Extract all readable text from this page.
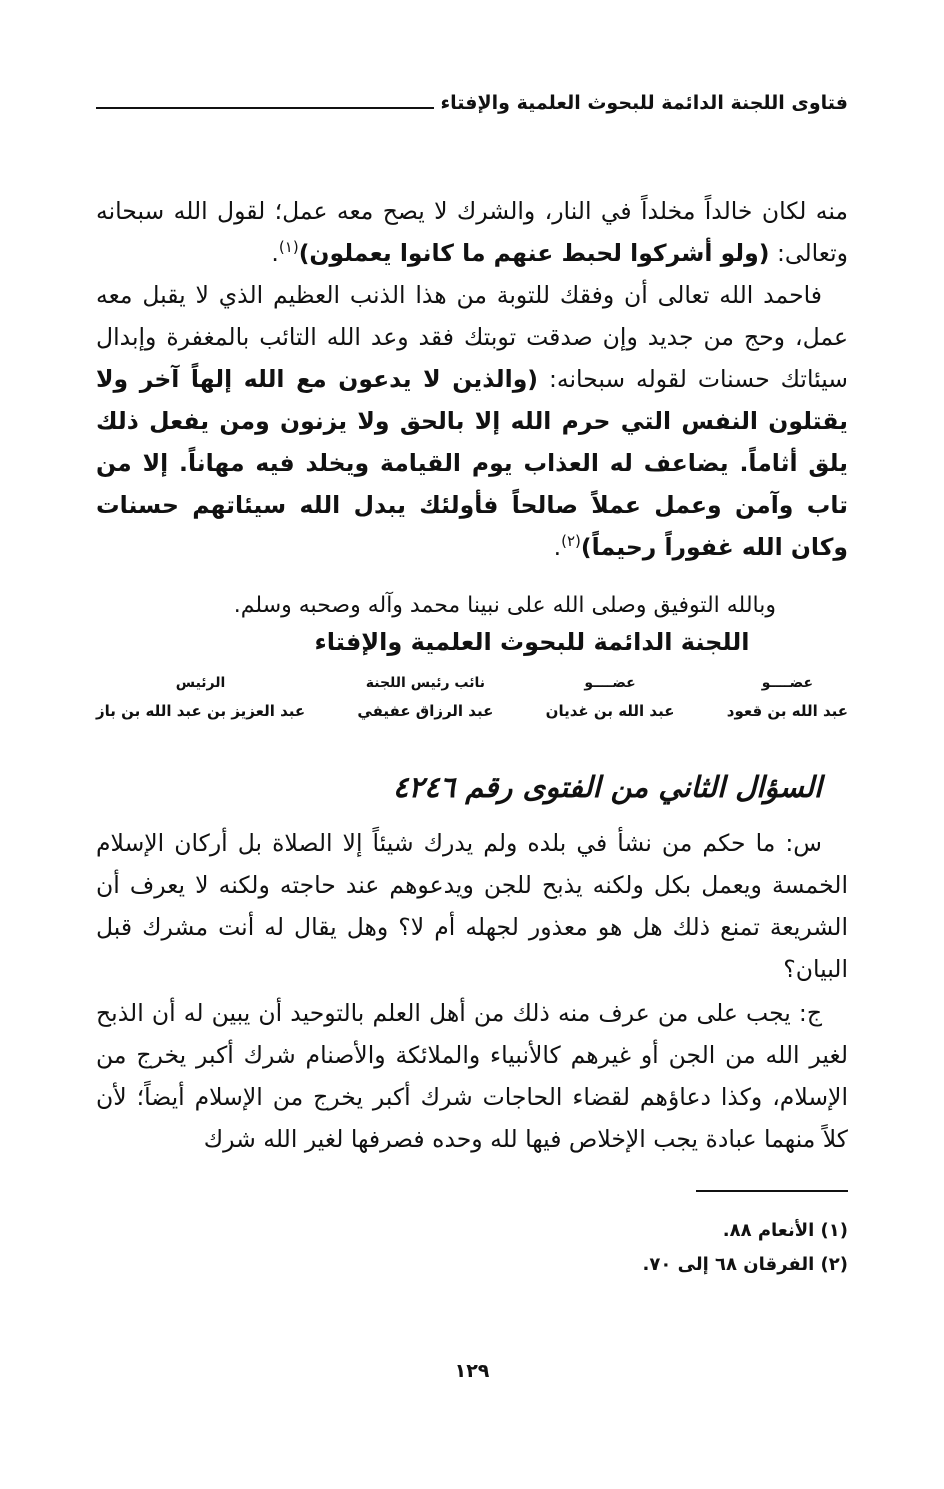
فتاوى اللجنة الدائمة للبحوث العلمية والإفتاء

منه لكان خالداً مخلداً في النار، والشرك لا يصح معه عمل؛ لقول الله سبحانه وتعالى: (ولو أشركوا لحبط عنهم ما كانوا يعملون)$^{(١)}$.

فاحمد الله تعالى أن وفقك للتوبة من هذا الذنب العظيم الذي لا يقبل معه عمل، وحج من جديد وإن صدقت توبتك فقد وعد الله التائب بالمغفرة وإبدال سيئاتك حسنات لقوله سبحانه: (والذين لا يدعون مع الله إلهاً آخر ولا يقتلون النفس التي حرم الله إلا بالحق ولا يزنون ومن يفعل ذلك يلق أثاماً. يضاعف له العذاب يوم القيامة ويخلد فيه مهاناً. إلا من تاب وآمن وعمل عملاً صالحاً فأولئك يبدل الله سيئاتهم حسنات وكان الله غفوراً رحيماً)$^{(٢)}$.

وبالله التوفيق وصلى الله على نبينا محمد وآله وصحبه وسلم.
اللجنة الدائمة للبحوث العلمية والإفتاء
عضــــو
عبد الله بن قعود
عضــــو
عبد الله بن غديان
نائب رئيس اللجنة
عبد الرزاق عفيفي
الرئيس
عبد العزيز بن عبد الله بن باز
السؤال الثاني من الفتوى رقم ٤٢٤٦

س: ما حكم من نشأ في بلده ولم يدرك شيئاً إلا الصلاة بل أركان الإسلام الخمسة ويعمل بكل ولكنه يذبح للجن ويدعوهم عند حاجته ولكنه لا يعرف أن الشريعة تمنع ذلك هل هو معذور لجهله أم لا؟ وهل يقال له أنت مشرك قبل البيان؟

ج: يجب على من عرف منه ذلك من أهل العلم بالتوحيد أن يبين له أن الذبح لغير الله من الجن أو غيرهم كالأنبياء والملائكة والأصنام شرك أكبر يخرج من الإسلام، وكذا دعاؤهم لقضاء الحاجات شرك أكبر يخرج من الإسلام أيضاً؛ لأن كلاً منهما عبادة يجب الإخلاص فيها لله وحده فصرفها لغير الله شرك

(١) الأنعام ٨٨.
(٢) الفرقان ٦٨ إلى ٧٠.
١٢٩
